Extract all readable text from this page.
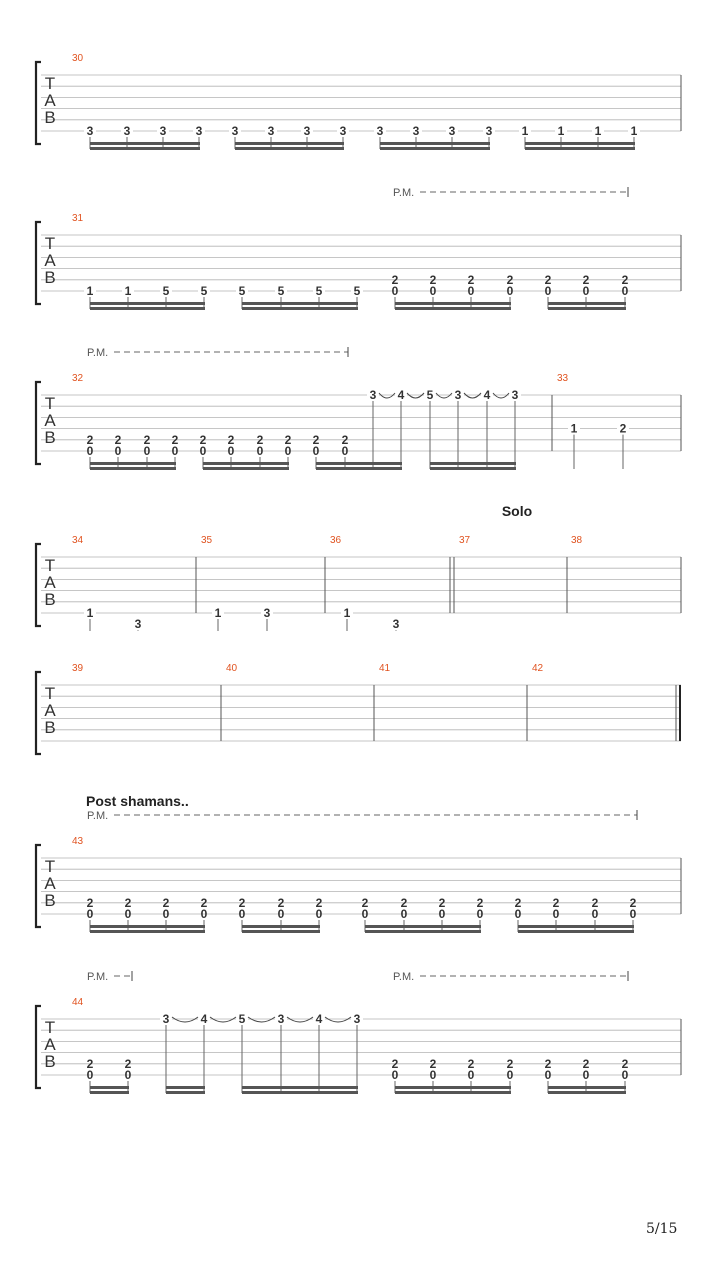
T
A
B
30
3	3 3 3 3 3 3 3	3 3 3	3 1 1	1 1
T
A
B
31
P.M.
1	1	5	5	5	5	5	5
2
0
2
0
2
0
2
0
2
0
2
0
2
0
T
A
B
32	33
P.M.
2
0
2
0
2
0
2
0
2
0
2
0
2
0
2
0
2
0
2
0
3 4 5 3 4 3
1	2
T
A
B
34	35	36	37	38
Solo
1
3
1	3	1
3
T
A
B
39	40	41	42
T
A
B
43
P.M.
Post shamans..
2
0
2
0
2
0
2
0
2
0
2
0
2
0
2
0
2
0
2
0
2
0
2
0
2
0
2
0
2
0
T
A
B
44
P.M.	P.M.
2
0
2
0
3	4	5	3	4	3
2
0
2
0
2
0
2
0
2
0
2
0
2
0
5/15
